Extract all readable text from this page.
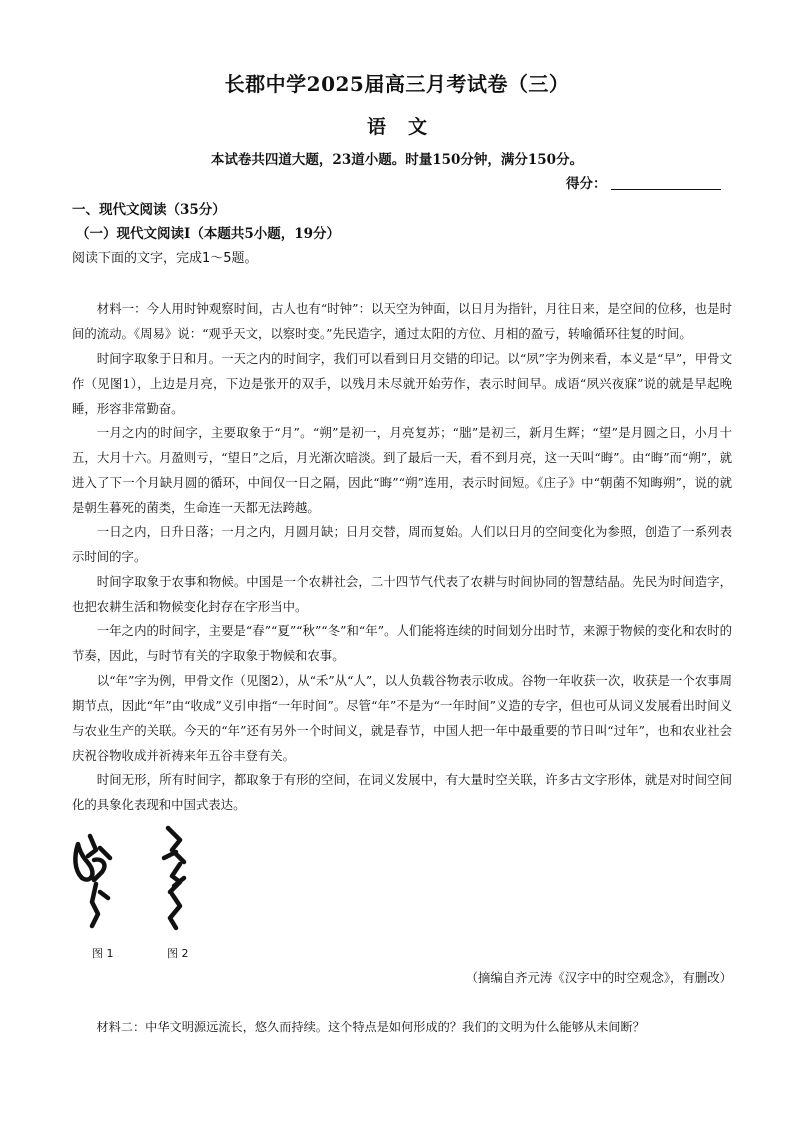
长郡中学2025届高三月考试卷（三）
语 文
本试卷共四道大题，23道小题。时量150分钟，满分150分。
得分：
一、现代文阅读（35分）
（一）现代文阅读Ⅰ（本题共5小题，19分）
阅读下面的文字，完成1～5题。

材料一：今人用时钟观察时间，古人也有“时钟”：以天空为钟面，以日月为指针，月往日来，是空间的位移，也是时间的流动。《周易》说：“观乎天文，以察时变。”先民造字，通过太阳的方位、月相的盈亏，转喻循环往复的时间。

时间字取象于日和月。一天之内的时间字，我们可以看到日月交错的印记。以“夙”字为例来看，本义是“早”，甲骨文作（见图1），上边是月亮，下边是张开的双手，以残月未尽就开始劳作，表示时间早。成语“夙兴夜寐”说的就是早起晚睡，形容非常勤奋。

一月之内的时间字，主要取象于“月”。“朔”是初一，月亮复苏；“朏”是初三，新月生辉；“望”是月圆之日，小月十五，大月十六。月盈则亏，“望日”之后，月光渐次暗淡。到了最后一天，看不到月亮，这一天叫“晦”。由“晦”而“朔”，就进入了下一个月缺月圆的循环，中间仅一日之隔，因此“晦”“朔”连用，表示时间短。《庄子》中“朝菌不知晦朔”，说的就是朝生暮死的菌类，生命连一天都无法跨越。

一日之内，日升日落；一月之内，月圆月缺；日月交替，周而复始。人们以日月的空间变化为参照，创造了一系列表示时间的字。

时间字取象于农事和物候。中国是一个农耕社会，二十四节气代表了农耕与时间协同的智慧结晶。先民为时间造字，也把农耕生活和物候变化封存在字形当中。

一年之内的时间字，主要是“春”“夏”“秋”“冬”和“年”。人们能将连续的时间划分出时节，来源于物候的变化和农时的节奏，因此，与时节有关的字取象于物候和农事。

以“年”字为例，甲骨文作（见图2），从“禾”从“人”，以人负载谷物表示收成。谷物一年收获一次，收获是一个农事周期节点，因此“年”由“收成”义引申指“一年时间”。尽管“年”不是为“一年时间”义造的专字，但也可从词义发展看出时间义与农业生产的关联。今天的“年”还有另外一个时间义，就是春节，中国人把一年中最重要的节日叫“过年”，也和农业社会庆祝谷物收成并祈祷来年五谷丰登有关。

时间无形，所有时间字，都取象于有形的空间，在词义发展中，有大量时空关联，许多古文字形体，就是对时间空间化的具象化表现和中国式表达。

图 1	图 2
（摘编自齐元涛《汉字中的时空观念》，有删改）

材料二：中华文明源远流长，悠久而持续。这个特点是如何形成的？我们的文明为什么能够从未间断？
